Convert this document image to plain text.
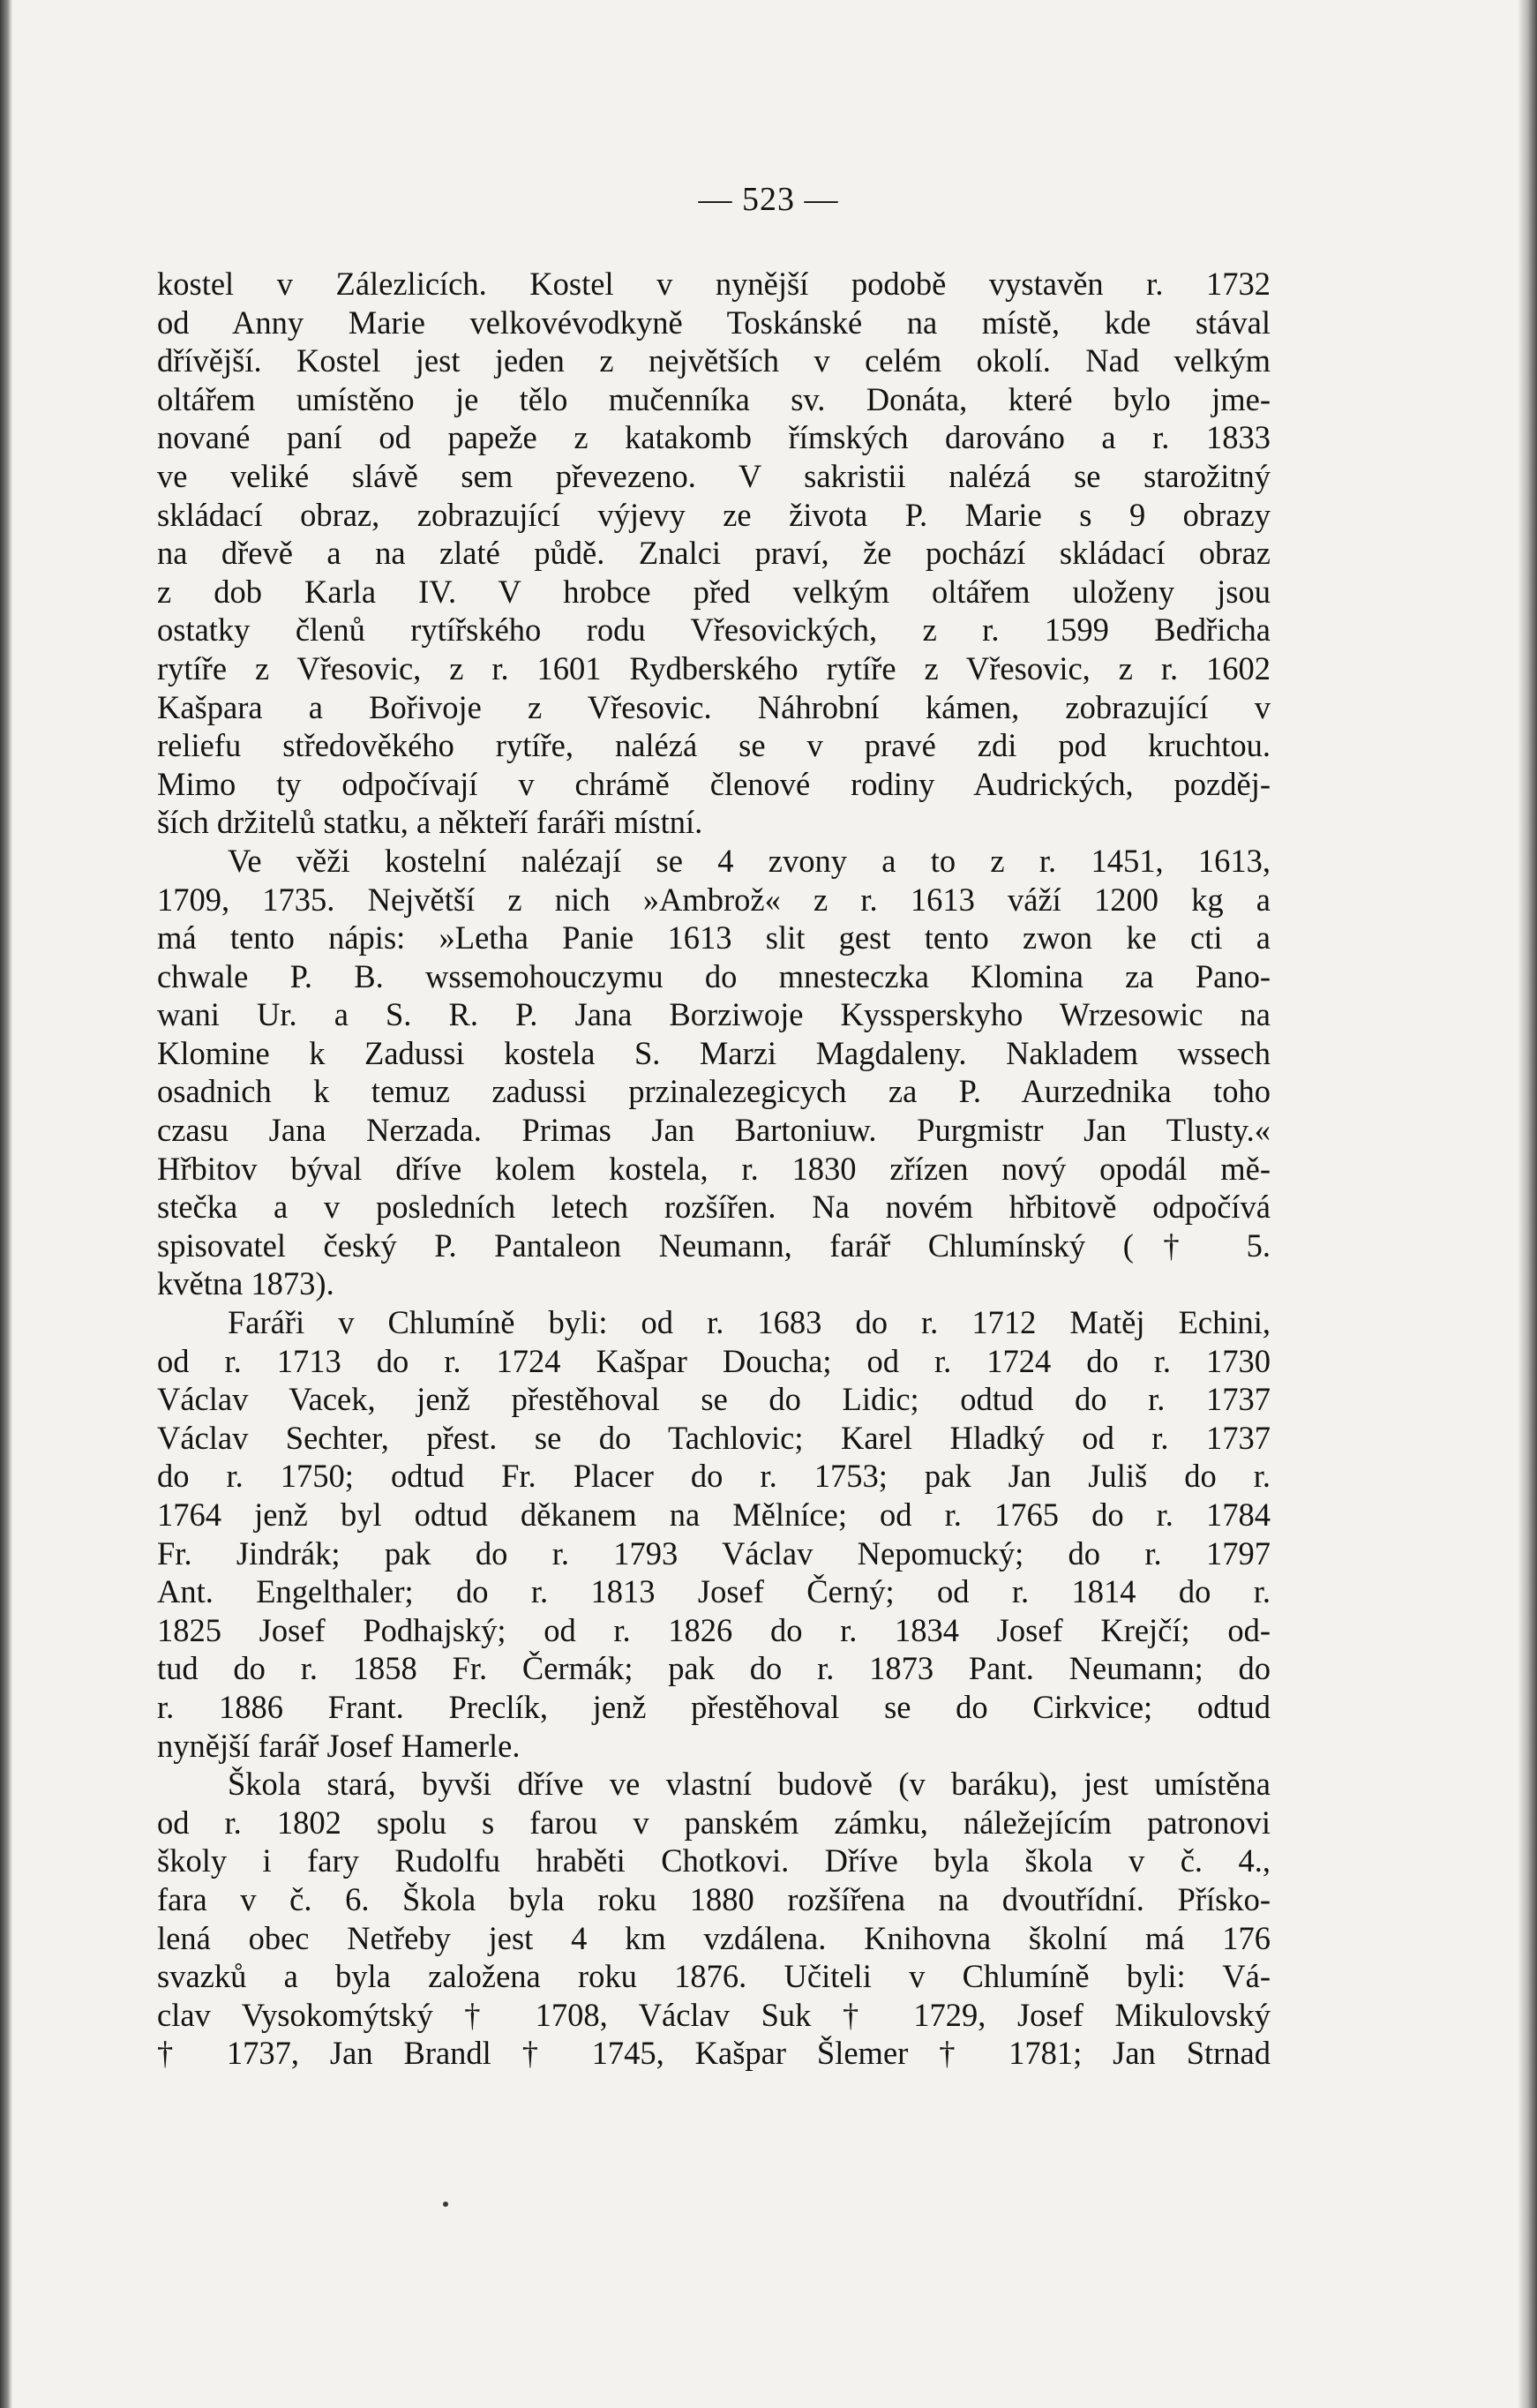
— 523 —
kostel v Zálezlicích. Kostel v nynější podobě vystavěn r. 1732
od Anny Marie velkovévodkyně Toskánské na místě, kde stával
dřívější. Kostel jest jeden z největších v celém okolí. Nad velkým
oltářem umístěno je tělo mučenníka sv. Donáta, které bylo jme-
nované paní od papeže z katakomb římských darováno a r. 1833
ve veliké slávě sem převezeno. V sakristii nalézá se starožitný
skládací obraz, zobrazující výjevy ze života P. Marie s 9 obrazy
na dřevě a na zlaté půdě. Znalci praví, že pochází skládací obraz
z dob Karla IV. V hrobce před velkým oltářem uloženy jsou
ostatky členů rytířského rodu Vřesovických, z r. 1599 Bedřicha
rytíře z Vřesovic, z r. 1601 Rydberského rytíře z Vřesovic, z r. 1602
Kašpara a Bořivoje z Vřesovic. Náhrobní kámen, zobrazující v
reliefu středověkého rytíře, nalézá se v pravé zdi pod kruchtou.
Mimo ty odpočívají v chrámě členové rodiny Audrických, pozděj-
ších držitelů statku, a někteří faráři místní.
Ve věži kostelní nalézají se 4 zvony a to z r. 1451, 1613,
1709, 1735. Největší z nich »Ambrož« z r. 1613 váží 1200 kg a
má tento nápis: »Letha Panie 1613 slit gest tento zwon ke cti a
chwale P. B. wssemohouczymu do mnesteczka Klomina za Pano-
wani Ur. a S. R. P. Jana Borziwoje Kyssperskyho Wrzesowic na
Klomine k Zadussi kostela S. Marzi Magdaleny. Nakladem wssech
osadnich k temuz zadussi przinalezegicych za P. Aurzednika toho
czasu Jana Nerzada. Primas Jan Bartoniuw. Purgmistr Jan Tlusty.«
Hřbitov býval dříve kolem kostela, r. 1830 zřízen nový opodál mě-
stečka a v posledních letech rozšířen. Na novém hřbitově odpočívá
spisovatel český P. Pantaleon Neumann, farář Chlumínský († 5.
května 1873).
Faráři v Chlumíně byli: od r. 1683 do r. 1712 Matěj Echini,
od r. 1713 do r. 1724 Kašpar Doucha; od r. 1724 do r. 1730
Václav Vacek, jenž přestěhoval se do Lidic; odtud do r. 1737
Václav Sechter, přest. se do Tachlovic; Karel Hladký od r. 1737
do r. 1750; odtud Fr. Placer do r. 1753; pak Jan Juliš do r.
1764 jenž byl odtud děkanem na Mělníce; od r. 1765 do r. 1784
Fr. Jindrák; pak do r. 1793 Václav Nepomucký; do r. 1797
Ant. Engelthaler; do r. 1813 Josef Černý; od r. 1814 do r.
1825 Josef Podhajský; od r. 1826 do r. 1834 Josef Krejčí; od-
tud do r. 1858 Fr. Čermák; pak do r. 1873 Pant. Neumann; do
r. 1886 Frant. Preclík, jenž přestěhoval se do Cirkvice; odtud
nynější farář Josef Hamerle.
Škola stará, byvši dříve ve vlastní budově (v baráku), jest umístěna
od r. 1802 spolu s farou v panském zámku, náležejícím patronovi
školy i fary Rudolfu hraběti Chotkovi. Dříve byla škola v č. 4.,
fara v č. 6. Škola byla roku 1880 rozšířena na dvoutřídní. Přísko-
lená obec Netřeby jest 4 km vzdálena. Knihovna školní má 176
svazků a byla založena roku 1876. Učiteli v Chlumíně byli: Vá-
clav Vysokomýtský † 1708, Václav Suk † 1729, Josef Mikulovský
† 1737, Jan Brandl † 1745, Kašpar Šlemer † 1781; Jan Strnad
